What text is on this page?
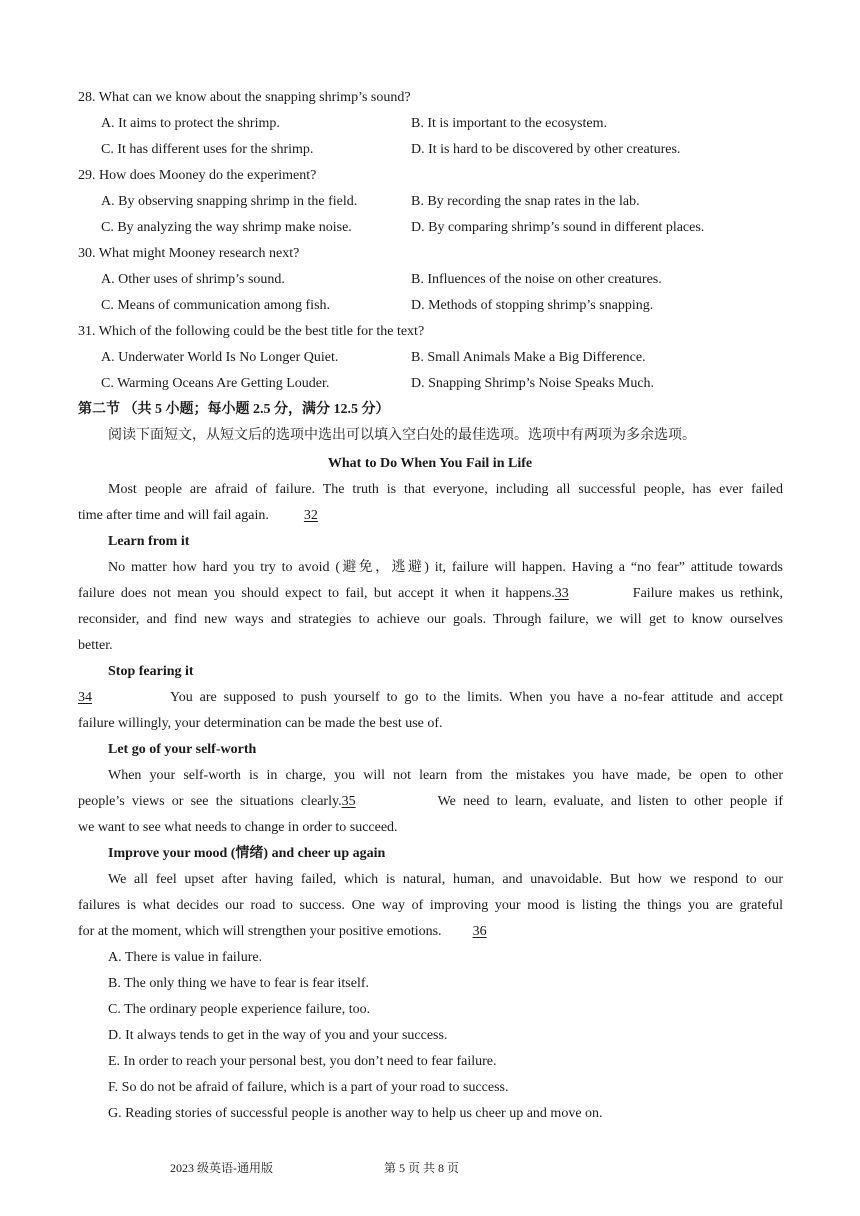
28. What can we know about the snapping shrimp’s sound?
A. It aims to protect the shrimp.	B. It is important to the ecosystem.
C. It has different uses for the shrimp.	D. It is hard to be discovered by other creatures.
29. How does Mooney do the experiment?
A. By observing snapping shrimp in the field.	B. By recording the snap rates in the lab.
C. By analyzing the way shrimp make noise.	D. By comparing shrimp’s sound in different places.
30. What might Mooney research next?
A. Other uses of shrimp’s sound.	B. Influences of the noise on other creatures.
C. Means of communication among fish.	D. Methods of stopping shrimp’s snapping.
31. Which of the following could be the best title for the text?
A. Underwater World Is No Longer Quiet.	B. Small Animals Make a Big Difference.
C. Warming Oceans Are Getting Louder.	D. Snapping Shrimp’s Noise Speaks Much.
第二节 （共 5 小题；每小题 2.5 分，满分 12.5 分）
阅读下面短文，从短文后的选项中选出可以填入空白处的最佳选项。选项中有两项为多余选项。
What to Do When You Fail in Life
Most people are afraid of failure. The truth is that everyone, including all successful people, has ever failed
time after time and will fail again.	32
Learn from it
No matter how hard you try to avoid (避免，逃避) it, failure will happen. Having a “no fear” attitude towards
failure does not mean you should expect to fail, but accept it when it happens.33	Failure makes us rethink,
reconsider, and find new ways and strategies to achieve our goals. Through failure, we will get to know ourselves
better.
Stop fearing it
34	You are supposed to push yourself to go to the limits. When you have a no-fear attitude and accept
failure willingly, your determination can be made the best use of.
Let go of your self-worth
When your self-worth is in charge, you will not learn from the mistakes you have made, be open to other
people’s views or see the situations clearly.35	We need to learn, evaluate, and listen to other people if
we want to see what needs to change in order to succeed.
Improve your mood (情绪) and cheer up again
We all feel upset after having failed, which is natural, human, and unavoidable. But how we respond to our
failures is what decides our road to success. One way of improving your mood is listing the things you are grateful
for at the moment, which will strengthen your positive emotions. 36
A. There is value in failure.
B. The only thing we have to fear is fear itself.
C. The ordinary people experience failure, too.
D. It always tends to get in the way of you and your success.
E. In order to reach your personal best, you don’t need to fear failure.
F. So do not be afraid of failure, which is a part of your road to success.
G. Reading stories of successful people is another way to help us cheer up and move on.
2023 级英语-通用版	第 5 页 共 8 页
